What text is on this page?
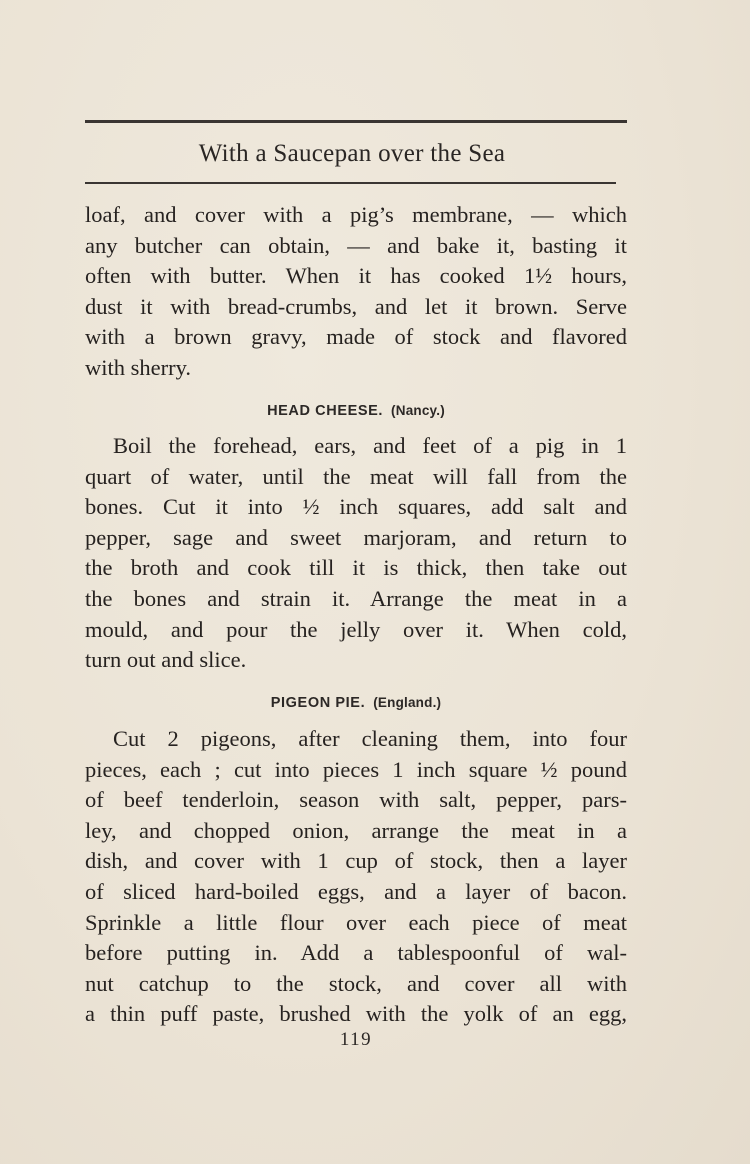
With a Saucepan over the Sea
loaf, and cover with a pig’s membrane, — which
any butcher can obtain, — and bake it, basting it
often with butter. When it has cooked 1½ hours,
dust it with bread-crumbs, and let it brown. Serve
with a brown gravy, made of stock and flavored
with sherry.
HEAD CHEESE. (Nancy.)
Boil the forehead, ears, and feet of a pig in 1
quart of water, until the meat will fall from the
bones. Cut it into ½ inch squares, add salt and
pepper, sage and sweet marjoram, and return to
the broth and cook till it is thick, then take out
the bones and strain it. Arrange the meat in a
mould, and pour the jelly over it. When cold,
turn out and slice.
PIGEON PIE. (England.)
Cut 2 pigeons, after cleaning them, into four
pieces, each ; cut into pieces 1 inch square ½ pound
of beef tenderloin, season with salt, pepper, pars-
ley, and chopped onion, arrange the meat in a
dish, and cover with 1 cup of stock, then a layer
of sliced hard-boiled eggs, and a layer of bacon.
Sprinkle a little flour over each piece of meat
before putting in. Add a tablespoonful of wal-
nut catchup to the stock, and cover all with
a thin puff paste, brushed with the yolk of an egg,
119
